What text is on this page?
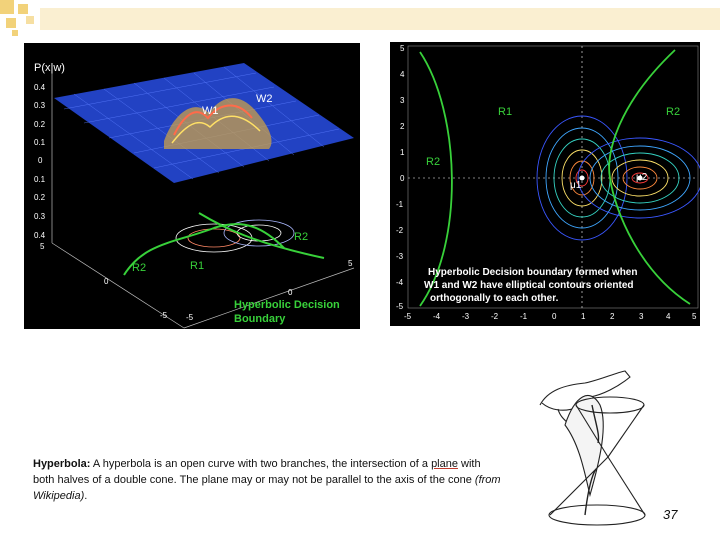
P(x|w)
0.4
0.3
0.2
0.1
0
0.1
0.2
0.3
0.4
5
0
-5
5
0
-5
W1
W2
R1
R2
R2
Hyperbolic Decision
Boundary
5
4
3
2
1
0
-1
-2
-3
-4
-5
-5	-4	-3	-2	-1	0	1	2	3	4	5
R1	R2
R2
μ1
μ2
Hyperbolic Decision boundary formed when
W1 and W2 have elliptical contours oriented
orthogonally to each other.
Hyperbola: A hyperbola is an open curve with two branches, the intersection of a plane with both halves of a double cone. The plane may or may not be parallel to the axis of the cone (from Wikipedia).
37
